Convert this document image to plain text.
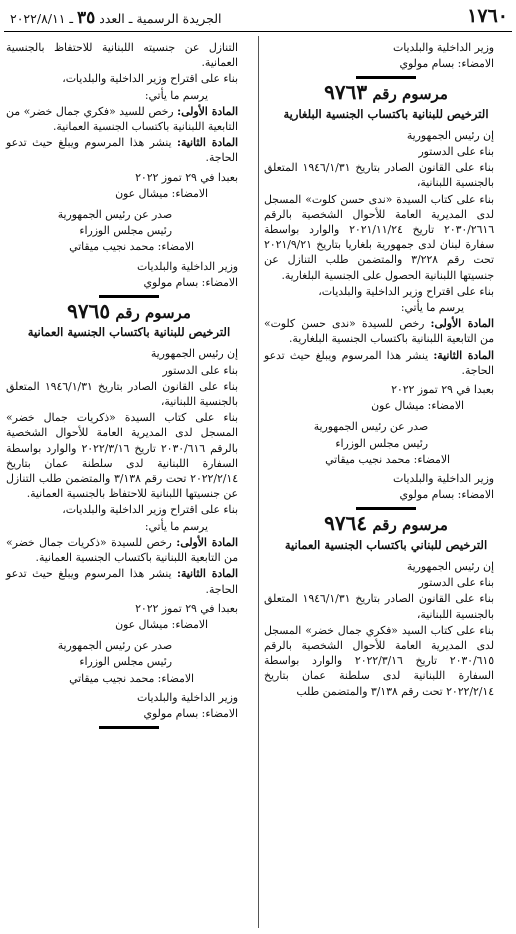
١٧٦٠
الجريدة الرسمية ـ العدد ٣٥ ـ ٢٠٢٢/٨/١١

وزير الداخلية والبلديات

الامضاء: بسام مولوي

مرسوم رقم ٩٧٦٣

الترخيص للبنانية باكتساب الجنسية البلغارية

إن رئيس الجمهورية

بناء على الدستور

بناء على القانون الصادر بتاريخ ١٩٤٦/١/٣١ المتعلق بالجنسية اللبنانية،

بناء على كتاب السيدة «ندى حسن كلوت» المسجل لدى المديرية العامة للأحوال الشخصية بالرقم ٢٠٣٠/٢٦١٦ تاريخ ٢٠٢١/١١/٢٤ والوارد بواسطة سفارة لبنان لدى جمهورية بلغاريا بتاريخ ٢٠٢١/٩/٢١ تحت رقم ٣/٢٢٨ والمتضمن طلب التنازل عن جنسيتها اللبنانية الحصول على الجنسية البلغارية.

بناء على اقتراح وزير الداخلية والبلديات،

يرسم ما يأتي:

المادة الأولى: رخص للسيدة «ندى حسن كلوت» من التابعية اللبنانية باكتساب الجنسية البلغارية.

المادة الثانية: ينشر هذا المرسوم ويبلغ حيث تدعو الحاجة.

بعبدا في ٢٩ تموز ٢٠٢٢

الامضاء: ميشال عون

صدر عن رئيس الجمهورية

رئيس مجلس الوزراء

الامضاء: محمد نجيب ميقاتي

وزير الداخلية والبلديات

الامضاء: بسام مولوي

مرسوم رقم ٩٧٦٤

الترخيص للبناني باكتساب الجنسية العمانية

إن رئيس الجمهورية

بناء على الدستور

بناء على القانون الصادر بتاريخ ١٩٤٦/١/٣١ المتعلق بالجنسية اللبنانية،

بناء على كتاب السيد «فكري جمال خضر» المسجل لدى المديرية العامة للأحوال الشخصية بالرقم ٢٠٣٠/٦١٥ تاريخ ٢٠٢٢/٣/١٦ والوارد بواسطة السفارة اللبنانية لدى سلطنة عمان بتاريخ ٢٠٢٢/٢/١٤ تحت رقم ٣/١٣٨ والمتضمن طلب

التنازل عن جنسيته اللبنانية للاحتفاظ بالجنسية العمانية.

بناء على اقتراح وزير الداخلية والبلديات،

يرسم ما يأتي:

المادة الأولى: رخص للسيد «فكري جمال خضر» من التابعية اللبنانية باكتساب الجنسية العمانية.

المادة الثانية: ينشر هذا المرسوم ويبلغ حيث تدعو الحاجة.

بعبدا في ٢٩ تموز ٢٠٢٢

الامضاء: ميشال عون

صدر عن رئيس الجمهورية

رئيس مجلس الوزراء

الامضاء: محمد نجيب ميقاتي

وزير الداخلية والبلديات

الامضاء: بسام مولوي

مرسوم رقم ٩٧٦٥

الترخيص للبنانية باكتساب الجنسية العمانية

إن رئيس الجمهورية

بناء على الدستور

بناء على القانون الصادر بتاريخ ١٩٤٦/١/٣١ المتعلق بالجنسية اللبنانية،

بناء على كتاب السيدة «ذكريات جمال خضر» المسجل لدى المديرية العامة للأحوال الشخصية بالرقم ٢٠٣٠/٦١٦ تاريخ ٢٠٢٢/٣/١٦ والوارد بواسطة السفارة اللبنانية لدى سلطنة عمان بتاريخ ٢٠٢٢/٢/١٤ تحت رقم ٣/١٣٨ والمتضمن طلب التنازل عن جنسيتها اللبنانية للاحتفاظ بالجنسية العمانية.

بناء على اقتراح وزير الداخلية والبلديات،

يرسم ما يأتي:

المادة الأولى: رخص للسيدة «ذكريات جمال خضر» من التابعية اللبنانية باكتساب الجنسية العمانية.

المادة الثانية: ينشر هذا المرسوم ويبلغ حيث تدعو الحاجة.

بعبدا في ٢٩ تموز ٢٠٢٢

الامضاء: ميشال عون

صدر عن رئيس الجمهورية

رئيس مجلس الوزراء

الامضاء: محمد نجيب ميقاتي

وزير الداخلية والبلديات

الامضاء: بسام مولوي
